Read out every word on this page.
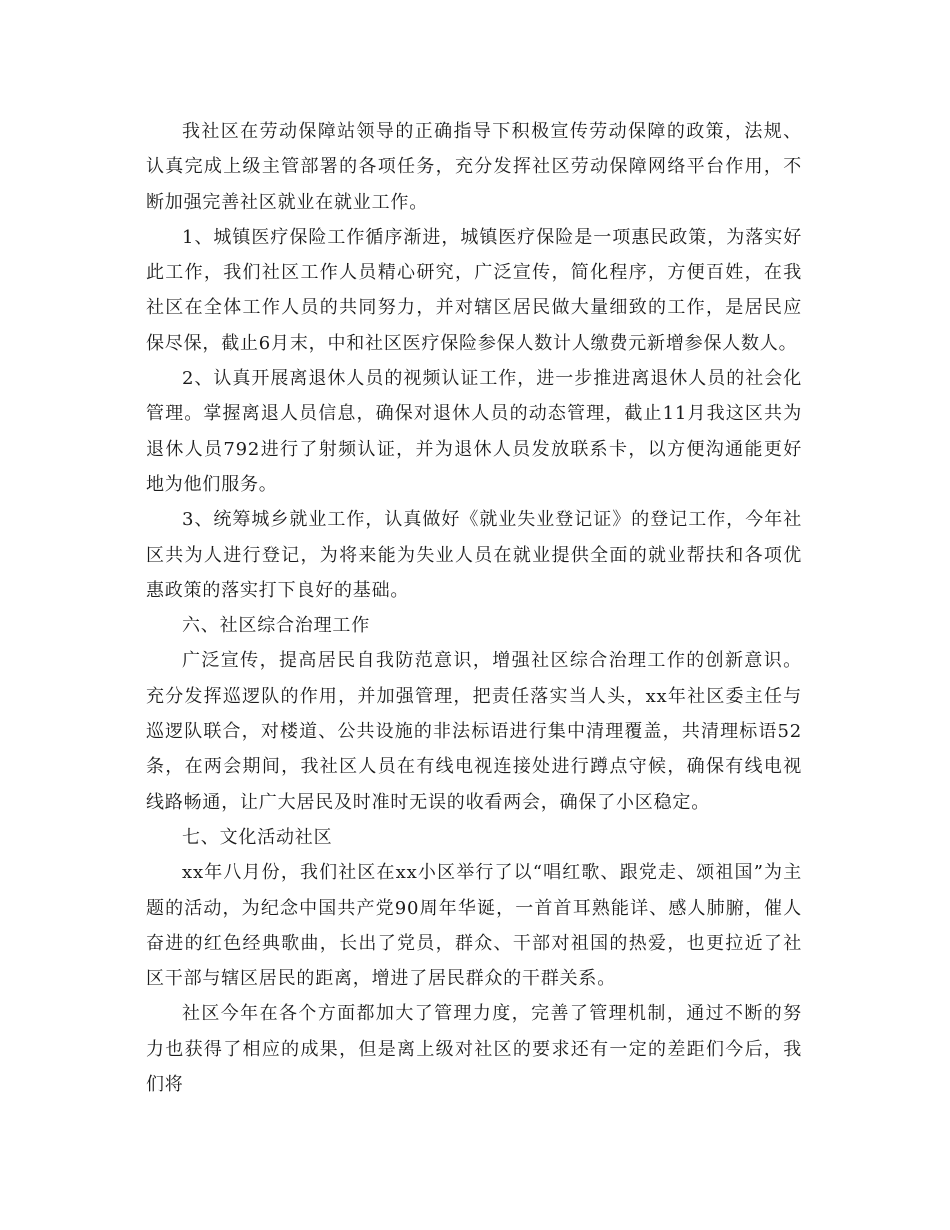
我社区在劳动保障站领导的正确指导下积极宣传劳动保障的政策，法规、认真完成上级主管部署的各项任务，充分发挥社区劳动保障网络平台作用，不断加强完善社区就业在就业工作。

1、城镇医疗保险工作循序渐进，城镇医疗保险是一项惠民政策，为落实好此工作，我们社区工作人员精心研究，广泛宣传，简化程序，方便百姓，在我社区在全体工作人员的共同努力，并对辖区居民做大量细致的工作，是居民应保尽保，截止6月末，中和社区医疗保险参保人数计人缴费元新增参保人数人。

2、认真开展离退休人员的视频认证工作，进一步推进离退休人员的社会化管理。掌握离退人员信息，确保对退休人员的动态管理，截止11月我这区共为退休人员792进行了射频认证，并为退休人员发放联系卡，以方便沟通能更好地为他们服务。

3、统筹城乡就业工作，认真做好《就业失业登记证》的登记工作，今年社区共为人进行登记，为将来能为失业人员在就业提供全面的就业帮扶和各项优惠政策的落实打下良好的基础。

六、社区综合治理工作

广泛宣传，提高居民自我防范意识，增强社区综合治理工作的创新意识。充分发挥巡逻队的作用，并加强管理，把责任落实当人头，xx年社区委主任与巡逻队联合，对楼道、公共设施的非法标语进行集中清理覆盖，共清理标语52条，在两会期间，我社区人员在有线电视连接处进行蹲点守候，确保有线电视线路畅通，让广大居民及时准时无误的收看两会，确保了小区稳定。

七、文化活动社区

xx年八月份，我们社区在xx小区举行了以“唱红歌、跟党走、颂祖国”为主题的活动，为纪念中国共产党90周年华诞，一首首耳熟能详、感人肺腑，催人奋进的红色经典歌曲，长出了党员，群众、干部对祖国的热爱，也更拉近了社区干部与辖区居民的距离，增进了居民群众的干群关系。

社区今年在各个方面都加大了管理力度，完善了管理机制，通过不断的努力也获得了相应的成果，但是离上级对社区的要求还有一定的差距们今后，我们将
